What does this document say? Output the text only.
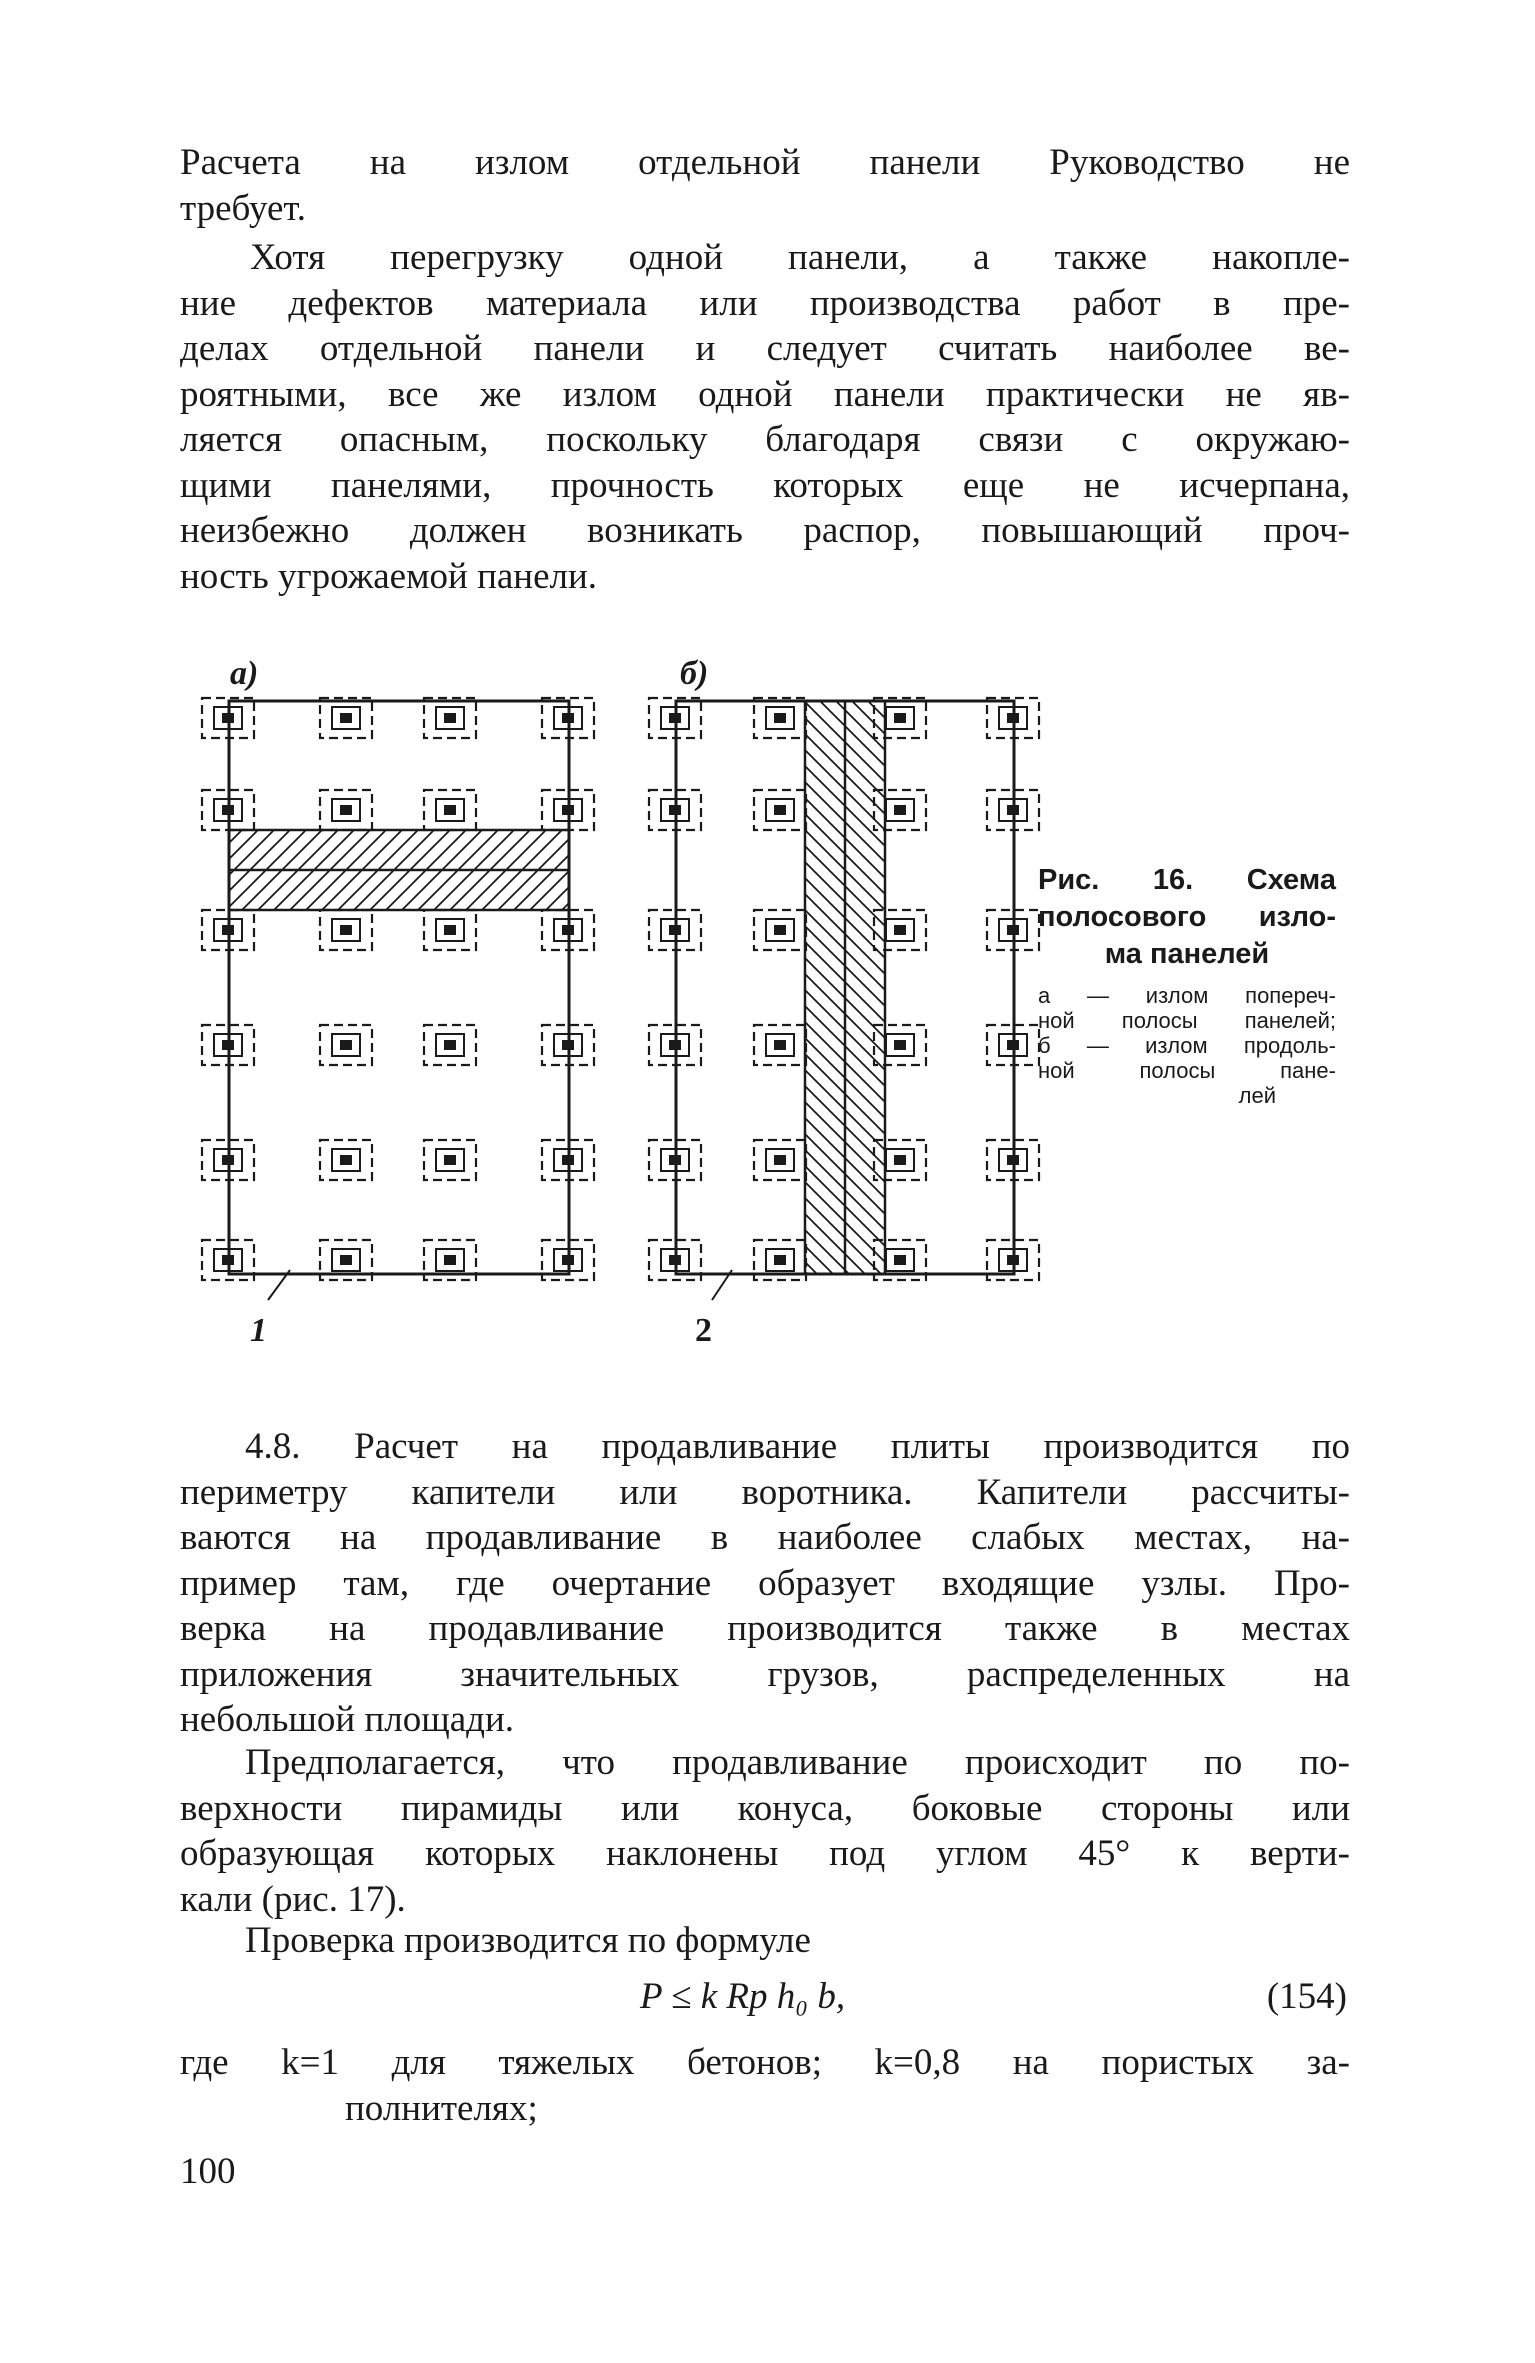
Расчета на излом отдельной панели Руководство не
требует.
Хотя перегрузку одной панели, а также накопле-
ние дефектов материала или производства работ в пре-
делах отдельной панели и следует считать наиболее ве-
роятными, все же излом одной панели практически не яв-
ляется опасным, поскольку благодаря связи с окружаю-
щими панелями, прочность которых еще не исчерпана,
неизбежно должен возникать распор, повышающий проч-
ность угрожаемой панели.
а)	б)
1	2
Рис. 16. Схема
полосового изло-
ма панелей
а — излом попереч-
ной полосы панелей;
б — излом продоль-
ной полосы пане-
лей
4.8. Расчет на продавливание плиты производится по
периметру капители или воротника. Капители рассчиты-
ваются на продавливание в наиболее слабых местах, на-
пример там, где очертание образует входящие узлы. Про-
верка на продавливание производится также в местах
приложения значительных грузов, распределенных на
небольшой площади.
Предполагается, что продавливание происходит по по-
верхности пирамиды или конуса, боковые стороны или
образующая которых наклонены под углом 45° к верти-
кали (рис. 17).
Проверка производится по формуле
P ≤ k Rр h₀ b,	(154)
где k=1 для тяжелых бетонов; k=0,8 на пористых за-
полнителях;
100
